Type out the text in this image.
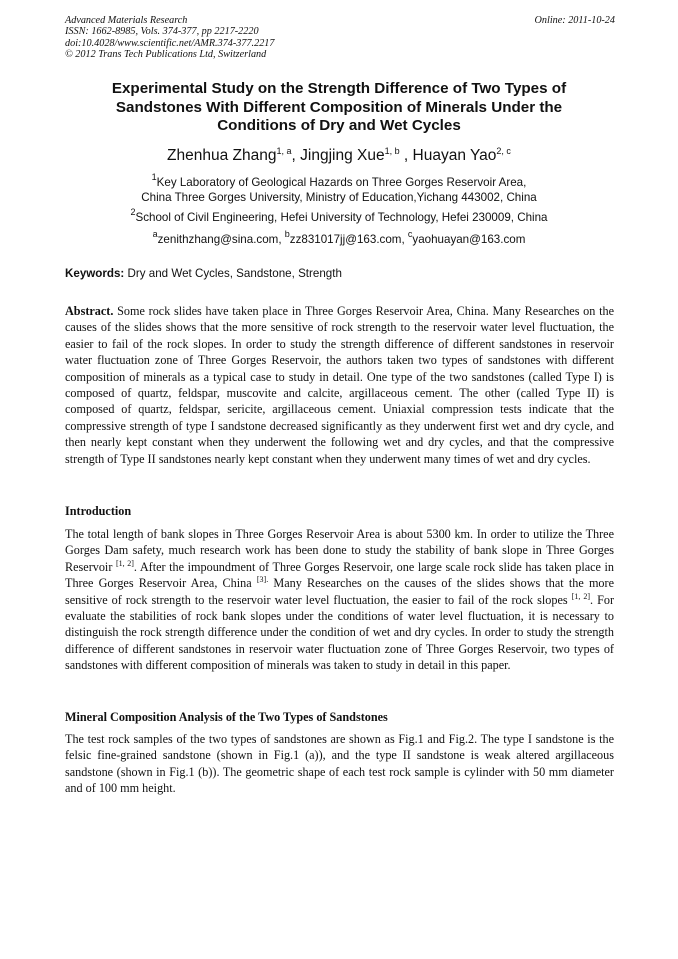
Advanced Materials Research
ISSN: 1662-8985, Vols. 374-377, pp 2217-2220
doi:10.4028/www.scientific.net/AMR.374-377.2217
© 2012 Trans Tech Publications Ltd, Switzerland
Online: 2011-10-24
Experimental Study on the Strength Difference of Two Types of
Sandstones With Different Composition of Minerals Under the
Conditions of Dry and Wet Cycles
Zhenhua Zhang$^{1, a}$, Jingjing Xue$^{1, b}$ , Huayan Yao$^{2, c}$
$^1$Key Laboratory of Geological Hazards on Three Gorges Reservoir Area,
China Three Gorges University, Ministry of Education,Yichang 443002, China
$^2$School of Civil Engineering, Hefei University of Technology, Hefei 230009, China
$^a$zenithzhang@sina.com, $^b$zz831017jj@163.com, $^c$yaohuayan@163.com
Keywords: Dry and Wet Cycles, Sandstone, Strength
Abstract. Some rock slides have taken place in Three Gorges Reservoir Area, China. Many Researches on the causes of the slides shows that the more sensitive of rock strength to the reservoir water level fluctuation, the easier to fail of the rock slopes. In order to study the strength difference of different sandstones in reservoir water fluctuation zone of Three Gorges Reservoir, the authors taken two types of sandstones with different composition of minerals as a typical case to study in detail. One type of the two sandstones (called Type I) is composed of quartz, feldspar, muscovite and calcite, argillaceous cement. The other (called Type II) is composed of quartz, feldspar, sericite, argillaceous cement. Uniaxial compression tests indicate that the compressive strength of type I sandstone decreased significantly as they underwent first wet and dry cycle, and then nearly kept constant when they underwent the following wet and dry cycles, and that the compressive strength of Type II sandstones nearly kept constant when they underwent many times of wet and dry cycles.
Introduction
The total length of bank slopes in Three Gorges Reservoir Area is about 5300 km. In order to utilize the Three Gorges Dam safety, much research work has been done to study the stability of bank slope in Three Gorges Reservoir [1, 2]. After the impoundment of Three Gorges Reservoir, one large scale rock slide has taken place in Three Gorges Reservoir Area, China $^{[3].}$ Many Researches on the causes of the slides shows that the more sensitive of rock strength to the reservoir water level fluctuation, the easier to fail of the rock slopes [1, 2]. For evaluate the stabilities of rock bank slopes under the conditions of water level fluctuation, it is necessary to distinguish the rock strength difference under the condition of wet and dry cycles. In order to study the strength difference of different sandstones in reservoir water fluctuation zone of Three Gorges Reservoir, two types of sandstones with different composition of minerals was taken to study in detail in this paper.
Mineral Composition Analysis of the Two Types of Sandstones
The test rock samples of the two types of sandstones are shown as Fig.1 and Fig.2. The type I sandstone is the felsic fine-grained sandstone (shown in Fig.1 (a)), and the type II sandstone is weak altered argillaceous sandstone (shown in Fig.1 (b)). The geometric shape of each test rock sample is cylinder with 50 mm diameter and of 100 mm height.
